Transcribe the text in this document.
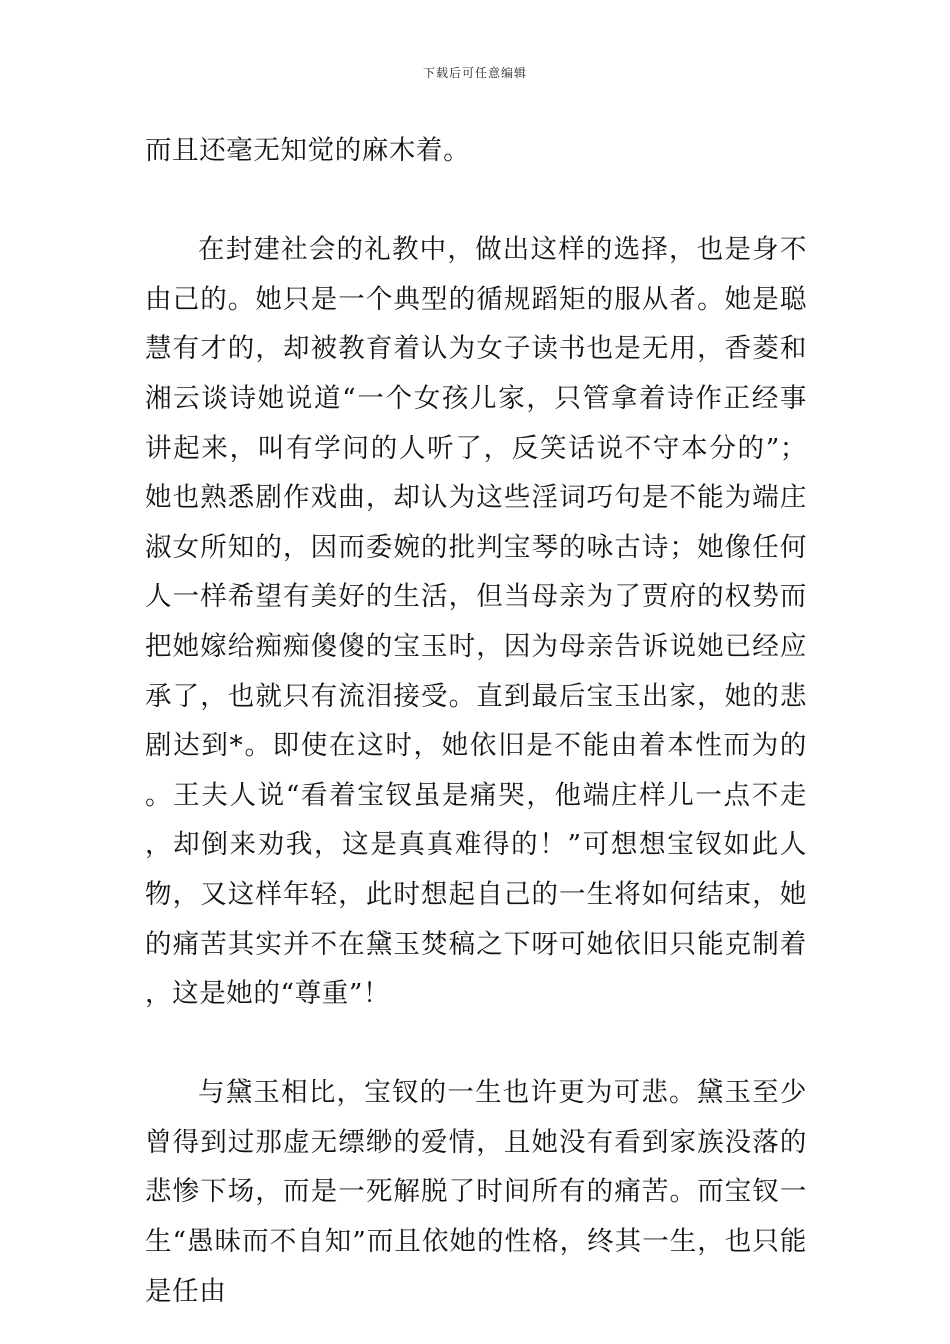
下载后可任意编辑

而且还毫无知觉的麻木着。

在封建社会的礼教中，做出这样的选择，也是身不由己的。她只是一个典型的循规蹈矩的服从者。她是聪慧有才的，却被教育着认为女子读书也是无用，香菱和湘云谈诗她说道“一个女孩儿家，只管拿着诗作正经事讲起来，叫有学问的人听了，反笑话说不守本分的”；她也熟悉剧作戏曲，却认为这些淫词巧句是不能为端庄淑女所知的，因而委婉的批判宝琴的咏古诗；她像任何人一样希望有美好的生活，但当母亲为了贾府的权势而把她嫁给痴痴傻傻的宝玉时，因为母亲告诉说她已经应承了，也就只有流泪接受。直到最后宝玉出家，她的悲剧达到*。即使在这时，她依旧是不能由着本性而为的。王夫人说“看着宝钗虽是痛哭，他端庄样儿一点不走，却倒来劝我，这是真真难得的！”可想想宝钗如此人物，又这样年轻，此时想起自己的一生将如何结束，她的痛苦其实并不在黛玉焚稿之下呀可她依旧只能克制着，这是她的“尊重”！

与黛玉相比，宝钗的一生也许更为可悲。黛玉至少曾得到过那虚无缥缈的爱情，且她没有看到家族没落的悲惨下场，而是一死解脱了时间所有的痛苦。而宝钗一生“愚昧而不自知”而且依她的性格，终其一生，也只能是任由
